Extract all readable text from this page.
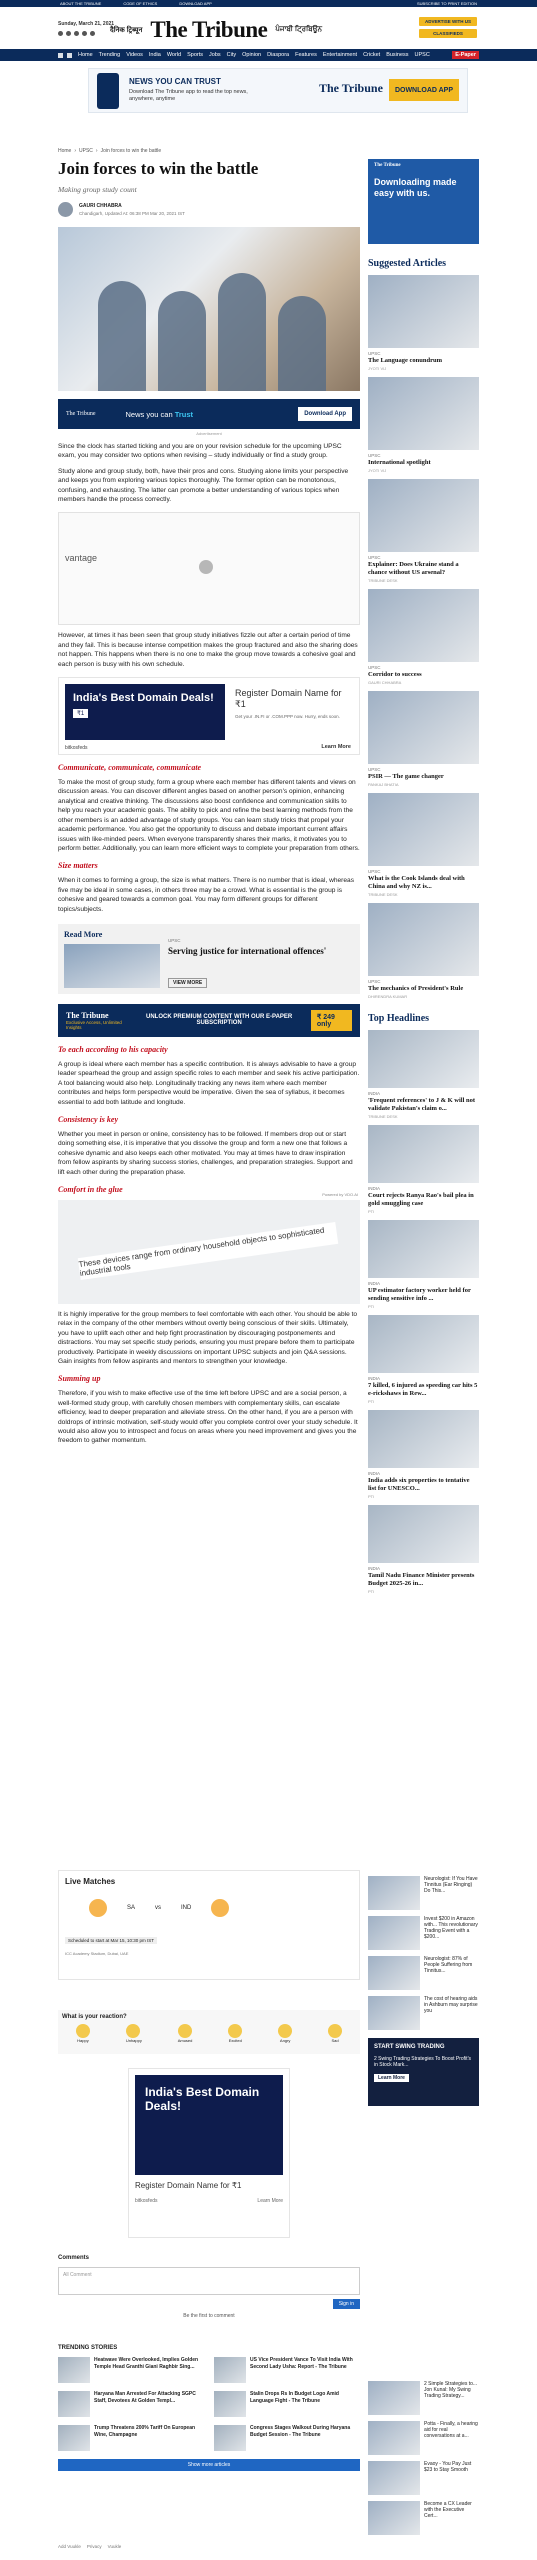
ABOUT THE TRIBUNE	CODE OF ETHICS	DOWNLOAD APP	SUBSCRIBE TO PRINT EDITION
Sunday, March 21, 2021
दैनिक ट्रिब्यून The Tribune ਪੰਜਾਬੀ ਟ੍ਰਿਬਿਊਨ
ADVERTISE WITH US
CLASSIFIEDS
Home Trending Videos India World Sports Jobs City Opinion Diaspora Features Entertainment Cricket Business UPSC	E-Paper
NEWS YOU CAN TRUST
Download The Tribune app to read the top news, anywhere, anytime
The Tribune	DOWNLOAD APP
Home › UPSC › Join forces to win the battle
Join forces to win the battle
Making group study count
GAURI CHHABRA
Chandigarh, Updated At: 06:38 PM Mar 20, 2021 IST
The Tribune	News you can Trust	Download App
Advertisement

Since the clock has started ticking and you are on your revision schedule for the upcoming UPSC exam, you may consider two options when revising – study individually or find a study group.

Study alone and group study, both, have their pros and cons. Studying alone limits your perspective and keeps you from exploring various topics thoroughly. The former option can be monotonous, confusing, and exhausting. The latter can promote a better understanding of various topics when members handle the process correctly.

vantage

However, at times it has been seen that group study initiatives fizzle out after a certain period of time and they fail. This is because intense competition makes the group fractured and also the sharing does not happen. This happens when there is no one to make the group move towards a cohesive goal and each person is busy with his own schedule.

India's Best Domain Deals!
₹1
Register Domain Name for ₹1
Get your .IN.FI or .COM.PPP now. Hurry, ends soon.
bitkosfeds	Learn More
Communicate, communicate, communicate

To make the most of group study, form a group where each member has different talents and views on discussion areas. You can discover different angles based on another person's opinion, enhancing analytical and creative thinking. The discussions also boost confidence and communication skills to help you reach your academic goals. The ability to pick and refine the best learning methods from the other members is an added advantage of study groups. You can learn study tricks that propel your academic performance. You also get the opportunity to discuss and debate important current affairs issues with like-minded peers. When everyone transparently shares their marks, it motivates you to perform better. Additionally, you can learn more efficient ways to complete your preparation from others.

Size matters

When it comes to forming a group, the size is what matters. There is no number that is ideal, whereas five may be ideal in some cases, in others three may be a crowd. What is essential is the group is cohesive and geared towards a common goal. You may form different groups for different topics/subjects.

Read More
UPSC
Serving justice for international offences'
VIEW MORE
The Tribune
Exclusive Access, Unlimited Insights
UNLOCK PREMIUM CONTENT WITH OUR E-PAPER SUBSCRIPTION
₹ 249 only
To each according to his capacity

A group is ideal where each member has a specific contribution. It is always advisable to have a group leader spearhead the group and assign specific roles to each member and seek his active participation. A tool balancing would also help. Longitudinally tracking any news item where each member contributes and helps form perspective would be imperative. Given the sea of syllabus, it becomes essential to add both latitude and longitude.

Consistency is key

Whether you meet in person or online, consistency has to be followed. If members drop out or start doing something else, it is imperative that you dissolve the group and form a new one that follows a cohesive dynamic and also keeps each other motivated. You may at times have to draw inspiration from fellow aspirants by sharing success stories, challenges, and preparation strategies. Support and lift each other during the preparation phase.

Comfort in the glue
Powered by VDO.AI
These devices range from ordinary household objects to sophisticated industrial tools

It is highly imperative for the group members to feel comfortable with each other. You should be able to relax in the company of the other members without overtly being conscious of their skills. Ultimately, you have to uplift each other and help fight procrastination by discouraging postponements and distractions. You may set specific study periods, ensuring you must prepare before them to participate productively. Participate in weekly discussions on important UPSC subjects and join Q&A sessions. Gain insights from fellow aspirants and mentors to strengthen your knowledge.

Summing up

Therefore, if you wish to make effective use of the time left before UPSC and are a social person, a well-formed study group, with carefully chosen members with complementary skills, can escalate efficiency, lead to deeper preparation and alleviate stress. On the other hand, if you are a person with doldrops of intrinsic motivation, self-study would offer you complete control over your study schedule. It would also allow you to introspect and focus on areas where you need improvement and gives you the freedom to gather momentum.

The Tribune
Downloading made easy with us.
Suggested Articles
UPSC
The Language conundrum
JYOTI VIJ
UPSC
International spotlight
JYOTI VIJ
UPSC
Explainer: Does Ukraine stand a chance without US arsenal?
TRIBUNE DESK
UPSC
Corridor to success
GAURI CHHABRA
UPSC
PSIR — The game changer
PANKAJ BHATIA
UPSC
What is the Cook Islands deal with China and why NZ is...
TRIBUNE DESK
UPSC
The mechanics of President's Rule
DHIRENDRA KUMAR
Top Headlines
INDIA
'Frequent references' to J & K will not validate Pakistan's claim o...
TRIBUNE DESK
INDIA
Court rejects Ranya Rao's bail plea in gold smuggling case
PTI
INDIA
UP estimator factory worker held for sending sensitive info ...
PTI
INDIA
7 killed, 6 injured as speeding car hits 5 e-rickshaws in Rew...
PTI
INDIA
India adds six properties to tentative list for UNESCO...
PTI
INDIA
Tamil Nadu Finance Minister presents Budget 2025-26 in...
PTI
Live Matches
SA	vs	IND
Scheduled to start at Mar 15, 10:30 pm IST
ICC Academy Stadium, Dubai, UAE
What is your reaction?
Happy	Unhappy	Amused	Excited	Angry	Sad
India's Best Domain Deals!
Register Domain Name for ₹1
bitkosfeds	Learn More
Comments
All Comment
Sign in
Be the first to comment
TRENDING STORIES
Heatwave Were Overlooked, Implies Golden Temple Head Granthi Giani Raghbir Sing...
US Vice President Vance To Visit India With Second Lady Usha: Report - The Tribune
Haryana Man Arrested For Attacking SGPC Staff, Devotees At Golden Templ...
Stalin Drops Rs In Budget Logo Amid Language Fight - The Tribune
Trump Threatens 200% Tariff On European Wine, Champagne
Congress Stages Walkout During Haryana Budget Session - The Tribune
Show more articles
Neurologist: If You Have Tinnitus (Ear Ringing) Do This...
Invest $200 in Amazon with... This revolutionary Trading Event with a $200...
Neurologist: 87% of People Suffering from Tinnitus...
The cost of hearing aids in Ashburn may surprise you
START SWING TRADING
2 Swing Trading Strategies To Boost Profit's in Stock Mark...
Learn More
2 Simple Strategies to... Jon Kunal: My Swing Trading Strategy...
Potta - Finally, a hearing aid for real conversations at a...
Evaoy - You Pay Just $23 to Stay Smooth
Become a CX Leader with the Executive Cert...
Add Vuukle Privacy Vuukle
